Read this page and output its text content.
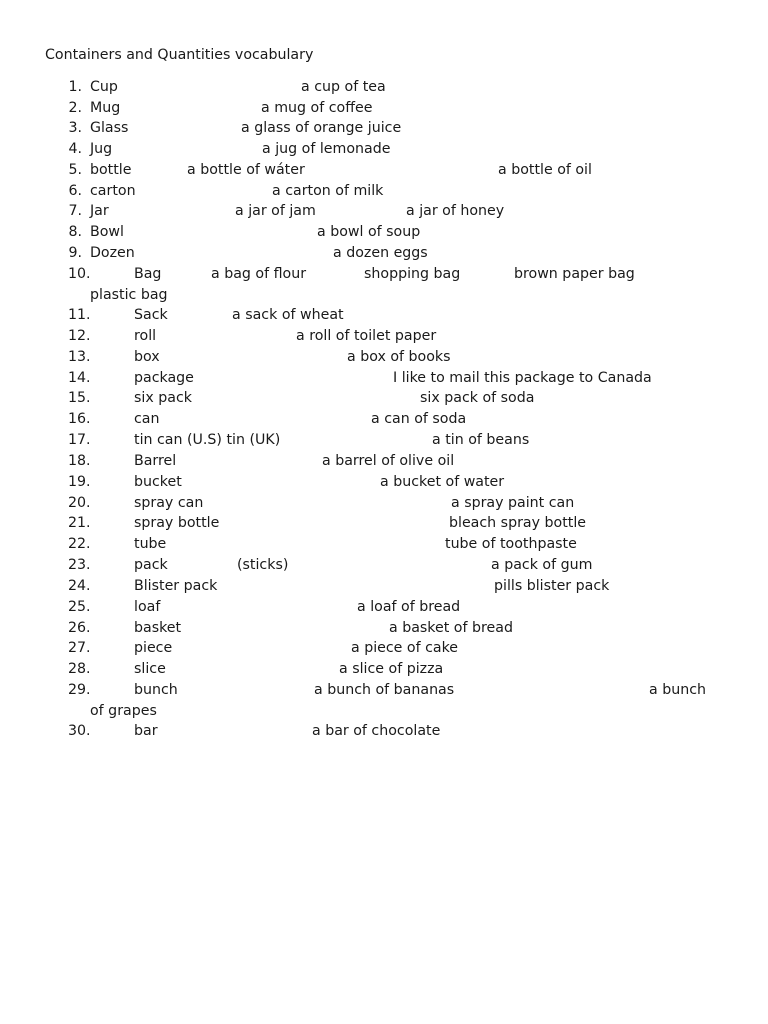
Containers and Quantities vocabulary
1. Cup	a cup of tea
2. Mug	a mug of coffee
3. Glass	a glass of orange juice
4. Jug	a jug of lemonade
5. bottle	a bottle of wáter	a bottle of oil
6. carton	a carton of milk
7. Jar	a jar of jam	a jar of honey
8. Bowl	a bowl of soup
9. Dozen	a dozen eggs
10.	Bag	a bag of flour	shopping bag	brown paper bag
plastic bag
11.	Sack	a sack of wheat
12.	roll	a roll of toilet paper
13.	box	a box of books
14.	package	I like to mail this package to Canada
15.	six pack	six pack of soda
16.	can	a can of soda
17.	tin can (U.S) tin (UK)	a tin of beans
18.	Barrel	a barrel of olive oil
19.	bucket	a bucket of water
20.	spray can	a spray paint can
21.	spray bottle	bleach spray bottle
22.	tube	tube of toothpaste
23.	pack	(sticks)	a pack of gum
24.	Blister pack	pills blister pack
25.	loaf	a loaf of bread
26.	basket	a basket of bread
27.	piece	a piece of cake
28.	slice	a slice of pizza
29.	bunch	a bunch of bananas	a bunch
of grapes
30.	bar	a bar of chocolate
